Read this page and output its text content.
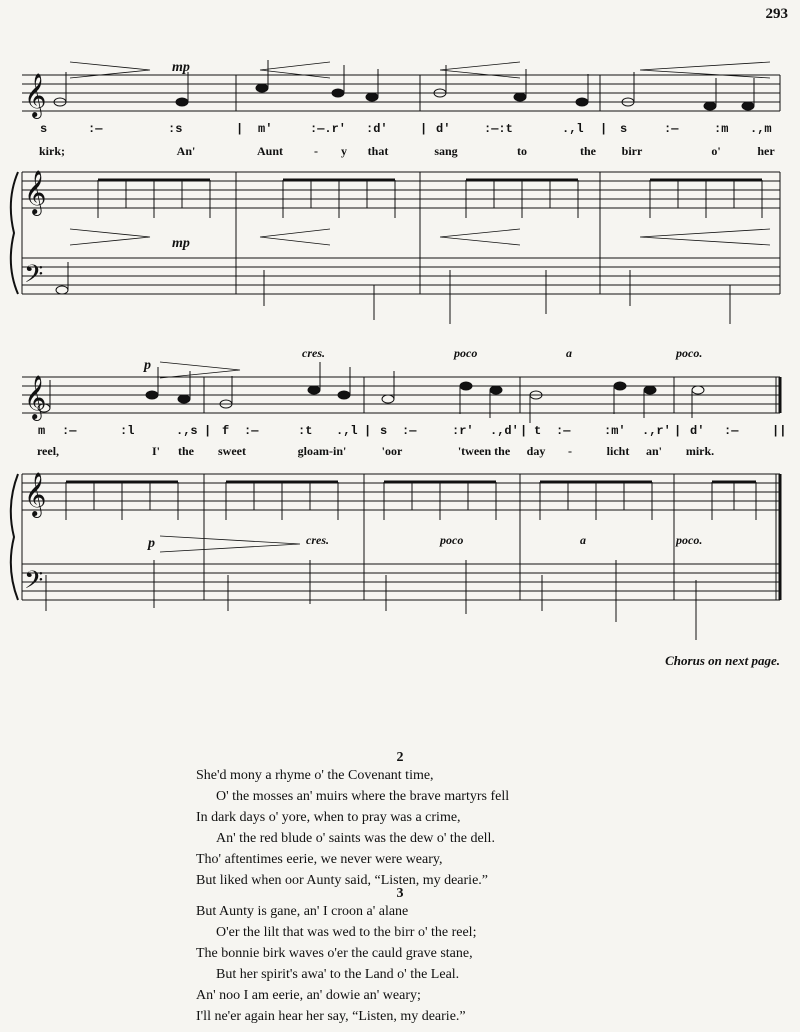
293
𝄞
𝄞
𝄢
𝄞
𝄞
𝄢
mp
mp
s	:—	:s	| m'	:—.r' :d'	| d'	:—:t	.,l | s	:—	:m .,m
kirk;	An'	Aunt	- y that	sang	to	the birr	o'	her
p
p
cres.	poco	a	poco.
cres.	poco	a	poco.
m :—	:l	.,s | f :—	:t .,l | s :—	:r' .,d' | t :—	:m' .,r' | d' :—	||
reel,	I' the sweet	gloam-in'	'oor	'tween the day -	licht an' mirk.
Chorus on next page.
2
She'd mony a rhyme o' the Covenant time,
O' the mosses an' muirs where the brave martyrs fell
In dark days o' yore, when to pray was a crime,
An' the red blude o' saints was the dew o' the dell.
Tho' aftentimes eerie, we never were weary,
But liked when oor Aunty said, “Listen, my dearie.”
3
But Aunty is gane, an' I croon a' alane
O'er the lilt that was wed to the birr o' the reel;
The bonnie birk waves o'er the cauld grave stane,
But her spirit's awa' to the Land o' the Leal.
An' noo I am eerie, an' dowie an' weary;
I'll ne'er again hear her say, “Listen, my dearie.”
